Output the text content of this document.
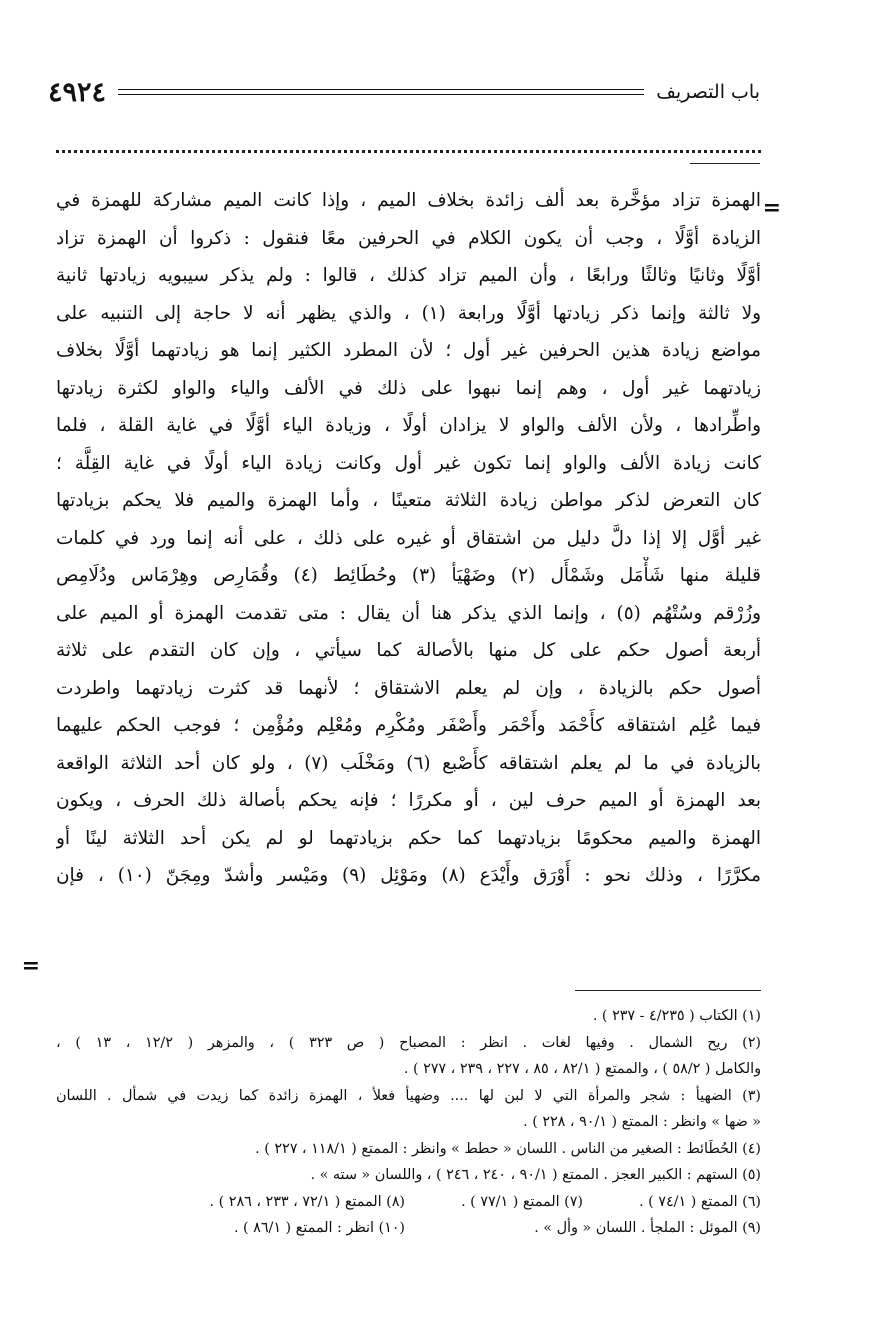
باب التصريف
٤٩٢٤
=
=
الهمزة تزاد مؤخَّرة بعد ألف زائدة بخلاف الميم ، وإذا كانت الميم مشاركة للهمزة في
الزيادة أوَّلًا ، وجب أن يكون الكلام في الحرفين معًا فنقول : ذكروا أن الهمزة تزاد
أوَّلًا وثانيًا وثالثًا ورابعًا ، وأن الميم تزاد كذلك ، قالوا : ولم يذكر سيبويه زيادتها ثانية
ولا ثالثة وإنما ذكر زيادتها أوَّلًا ورابعة (١) ، والذي يظهر أنه لا حاجة إلى التنبيه على
مواضع زيادة هذين الحرفين غير أول ؛ لأن المطرد الكثير إنما هو زيادتهما أوَّلًا بخلاف
زيادتهما غير أول ، وهم إنما نبهوا على ذلك في الألف والياء والواو لكثرة زيادتها
واطِّرادها ، ولأن الألف والواو لا يزادان أولًا ، وزيادة الياء أوَّلًا في غاية القلة ، فلما
كانت زيادة الألف والواو إنما تكون غير أول وكانت زيادة الياء أولًا في غاية القِلَّة ؛
كان التعرض لذكر مواطن زيادة الثلاثة متعينًا ، وأما الهمزة والميم فلا يحكم بزيادتها
غير أوَّل إلا إذا دلَّ دليل من اشتقاق أو غيره على ذلك ، على أنه إنما ورد في كلمات
قليلة منها شَأْمَل وشَمْأَل (٢) وضَهْيَأ (٣) وحُطَائِط (٤) وقُمَارِص وهِرْمَاس ودُلَامِص
وزُرْقم وسُتْهُم (٥) ، وإنما الذي يذكر هنا أن يقال : متى تقدمت الهمزة أو الميم على
أربعة أصول حكم على كل منها بالأصالة كما سيأتي ، وإن كان التقدم على ثلاثة
أصول حكم بالزيادة ، وإن لم يعلم الاشتقاق ؛ لأنهما قد كثرت زيادتهما واطردت
فيما عُلِم اشتقاقه كأَحْمَد وأَحْمَر وأَصْفَر ومُكْرِم ومُعْلِم ومُؤْمِن ؛ فوجب الحكم عليهما
بالزيادة في ما لم يعلم اشتقاقه كأَصْبع (٦) ومَخْلَب (٧) ، ولو كان أحد الثلاثة الواقعة
بعد الهمزة أو الميم حرف لين ، أو مكررًا ؛ فإنه يحكم بأصالة ذلك الحرف ، ويكون
الهمزة والميم محكومًا بزيادتهما كما حكم بزيادتهما لو لم يكن أحد الثلاثة لينًا أو
مكرَّرًا ، وذلك نحو : أَوْرَق وأَيْدَع (٨) ومَوْئِل (٩) ومَيْسر وأشدّ ومِجَنّ (١٠) ، فإن
(١) الكتاب ( ٤/٢٣٥ - ٢٣٧ ) .
(٢) ريح الشمال . وفيها لغات . انظر : المصباح ( ص ٣٢٣ ) ، والمزهر ( ١٢/٢ ، ١٣ ) ،
والكامل ( ٥٨/٢ ) ، والممتع ( ٨٢/١ ، ٨٥ ، ٢٢٧ ، ٢٣٩ ، ٢٧٧ ) .
(٣) الضهيأ : شجر والمرأة التي لا لبن لها .... وضهيأ فعلأ ، الهمزة زائدة كما زيدت في شمأل . اللسان
« ضها » وانظر : الممتع ( ٩٠/١ ، ٢٢٨ ) .
(٤) الحُطَائط : الصغير من الناس . اللسان « حطط » وانظر : الممتع ( ١١٨/١ ، ٢٢٧ ) .
(٥) الستهم : الكبير العجز . الممتع ( ٩٠/١ ، ٢٤٠ ، ٢٤٦ ) ، واللسان « سته » .
(٦) الممتع ( ٧٤/١ ) .
(٧) الممتع ( ٧٧/١ ) .
(٨) الممتع ( ٧٢/١ ، ٢٣٣ ، ٢٨٦ ) .
(٩) الموئل : الملجأ . اللسان « وأل » .
(١٠) انظر : الممتع ( ٨٦/١ ) .
